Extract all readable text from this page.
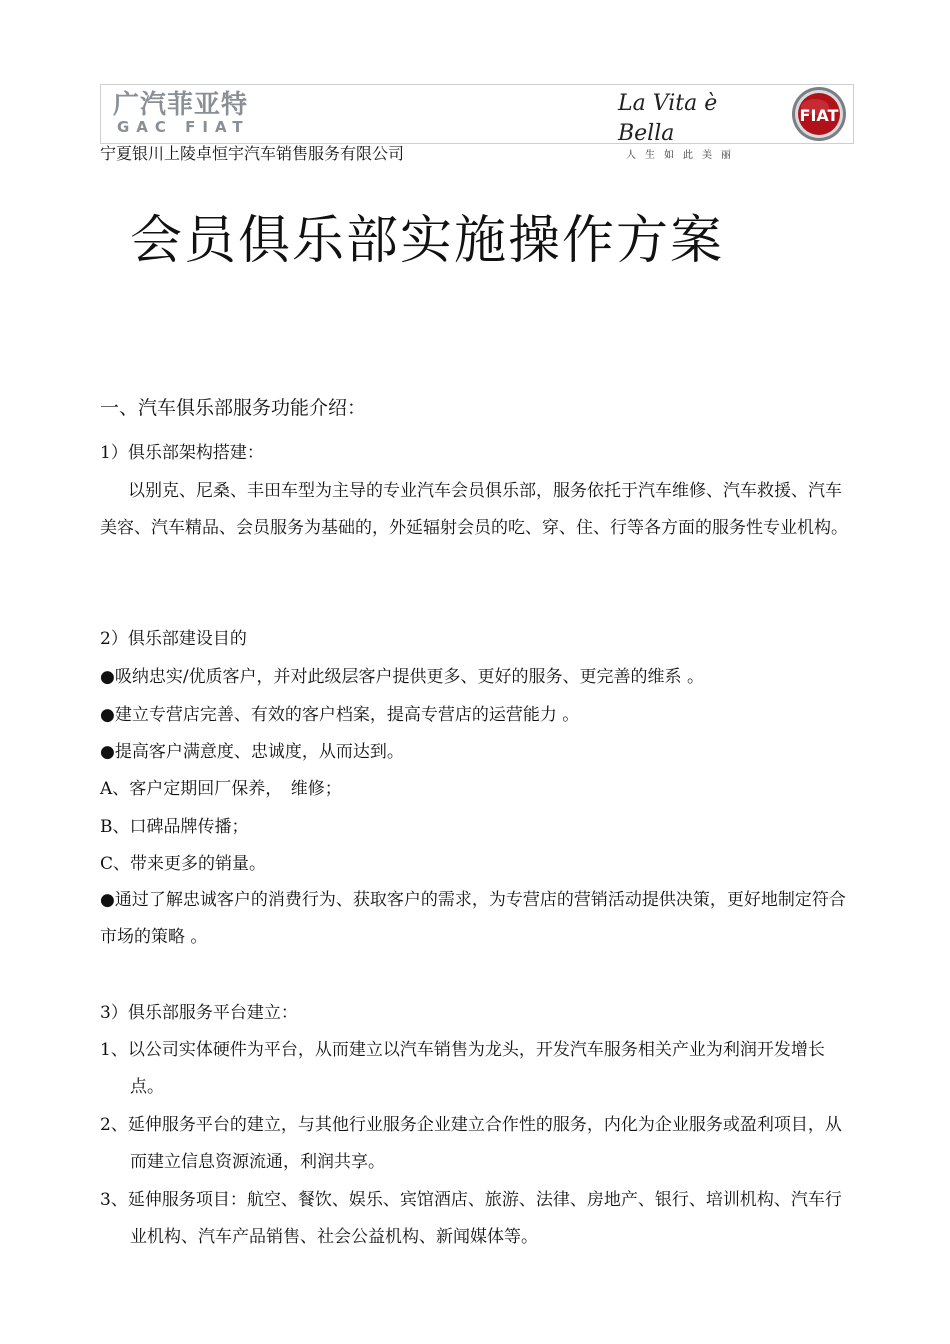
广汽菲亚特
GAC FIAT
La Vita è Bella
人生如此美丽
FIAT
宁夏银川上陵卓恒宇汽车销售服务有限公司
会员俱乐部实施操作方案
一、汽车俱乐部服务功能介绍：
1）俱乐部架构搭建：
以别克、尼桑、丰田车型为主导的专业汽车会员俱乐部，服务依托于汽车维修、汽车救援、汽车美容、汽车精品、会员服务为基础的，外延辐射会员的吃、穿、住、行等各方面的服务性专业机构。
2）俱乐部建设目的
●吸纳忠实/优质客户，并对此级层客户提供更多、更好的服务、更完善的维系 。
●建立专营店完善、有效的客户档案，提高专营店的运营能力 。
●提高客户满意度、忠诚度，从而达到。
A、客户定期回厂保养，　维修；
B、口碑品牌传播；
C、带来更多的销量。
●通过了解忠诚客户的消费行为、获取客户的需求，为专营店的营销活动提供决策，更好地制定符合市场的策略 。
3）俱乐部服务平台建立：
1、以公司实体硬件为平台，从而建立以汽车销售为龙头，开发汽车服务相关产业为利润开发增长点。
2、延伸服务平台的建立，与其他行业服务企业建立合作性的服务，内化为企业服务或盈利项目，从而建立信息资源流通，利润共享。
3、延伸服务项目：航空、餐饮、娱乐、宾馆酒店、旅游、法律、房地产、银行、培训机构、汽车行业机构、汽车产品销售、社会公益机构、新闻媒体等。
